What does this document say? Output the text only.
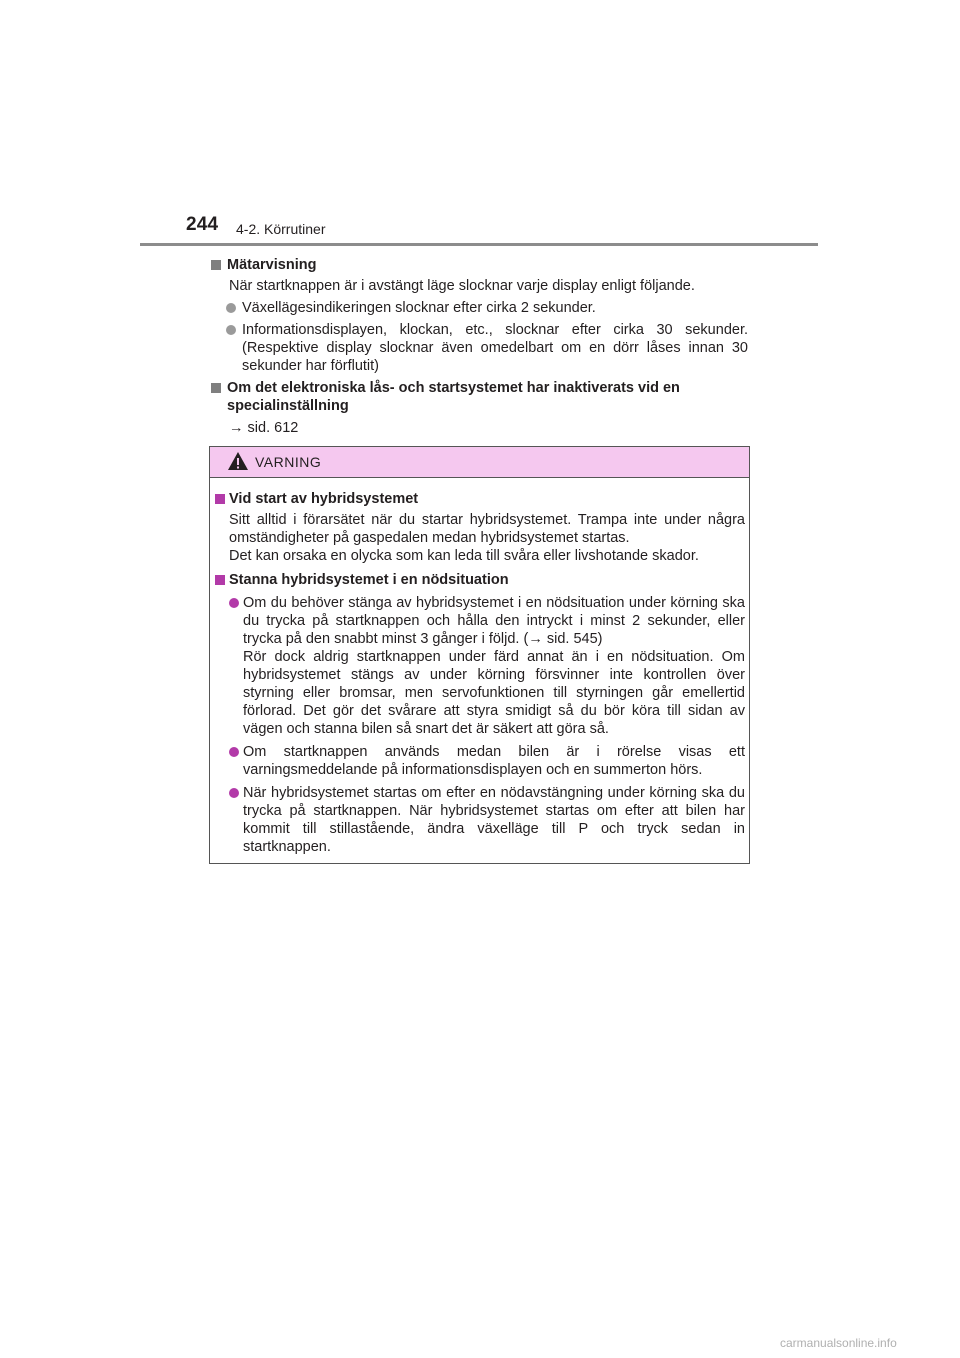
244 4-2. Körrutiner
Mätarvisning
När startknappen är i avstängt läge slocknar varje display enligt följande.
Växellägesindikeringen slocknar efter cirka 2 sekunder.
Informationsdisplayen, klockan, etc., slocknar efter cirka 30 sekunder. (Respektive display slocknar även omedelbart om en dörr låses innan 30 sekunder har förflutit)
Om det elektroniska lås- och startsystemet har inaktiverats vid en specialinställning
→ sid. 612
VARNING
Vid start av hybridsystemet
Sitt alltid i förarsätet när du startar hybridsystemet. Trampa inte under några omständigheter på gaspedalen medan hybridsystemet startas.
Det kan orsaka en olycka som kan leda till svåra eller livshotande skador.
Stanna hybridsystemet i en nödsituation
Om du behöver stänga av hybridsystemet i en nödsituation under körning ska du trycka på startknappen och hålla den intryckt i minst 2 sekunder, eller trycka på den snabbt minst 3 gånger i följd. (→ sid. 545)
Rör dock aldrig startknappen under färd annat än i en nödsituation. Om hybridsystemet stängs av under körning försvinner inte kontrollen över styrning eller bromsar, men servofunktionen till styrningen går emellertid förlorad. Det gör det svårare att styra smidigt så du bör köra till sidan av vägen och stanna bilen så snart det är säkert att göra så.
Om startknappen används medan bilen är i rörelse visas ett varningsmeddelande på informationsdisplayen och en summerton hörs.
När hybridsystemet startas om efter en nödavstängning under körning ska du trycka på startknappen. När hybridsystemet startas om efter att bilen har kommit till stillastående, ändra växelläge till P och tryck sedan in startknappen.
carmanualsonline.info
